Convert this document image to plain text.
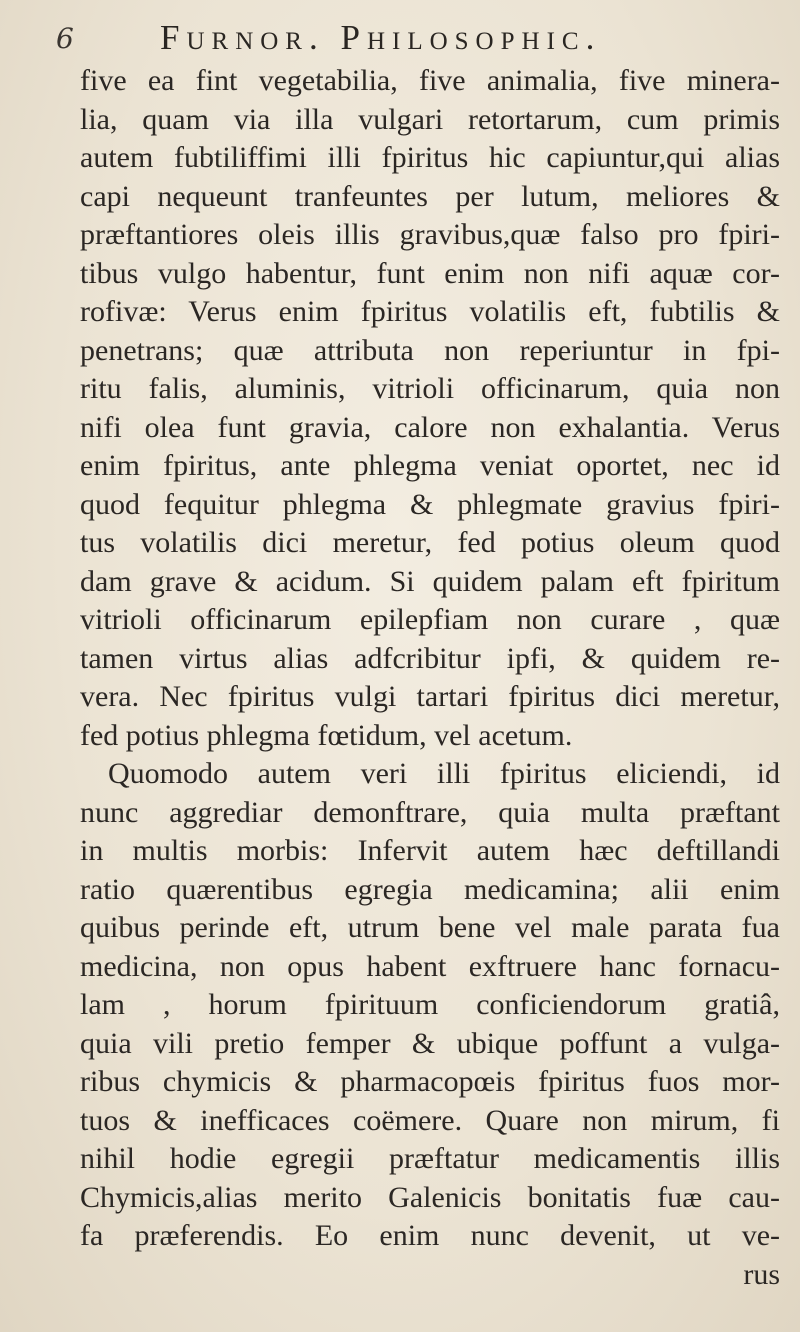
6 Furnor. Philosophic.
five ea fint vegetabilia, five animalia, five minera-
lia, quam via illa vulgari retortarum, cum primis
autem fubtiliffimi illi fpiritus hic capiuntur,qui alias
capi nequeunt tranfeuntes per lutum, meliores &
præftantiores oleis illis gravibus,quæ falso pro fpiri-
tibus vulgo habentur, funt enim non nifi aquæ cor-
rofivæ: Verus enim fpiritus volatilis eft, fubtilis &
penetrans; quæ attributa non reperiuntur in fpi-
ritu falis, aluminis, vitrioli officinarum, quia non
nifi olea funt gravia, calore non exhalantia. Verus
enim fpiritus, ante phlegma veniat oportet, nec id
quod fequitur phlegma & phlegmate gravius fpiri-
tus volatilis dici meretur, fed potius oleum quod
dam grave & acidum. Si quidem palam eft fpiritum
vitrioli officinarum epilepfiam non curare , quæ
tamen virtus alias adfcribitur ipfi, & quidem re-
vera. Nec fpiritus vulgi tartari fpiritus dici meretur,
fed potius phlegma fœtidum, vel acetum.
Quomodo autem veri illi fpiritus eliciendi, id
nunc aggrediar demonftrare, quia multa præftant
in multis morbis: Infervit autem hæc deftillandi
ratio quærentibus egregia medicamina; alii enim
quibus perinde eft, utrum bene vel male parata fua
medicina, non opus habent exftruere hanc fornacu-
lam , horum fpirituum conficiendorum gratiâ,
quia vili pretio femper & ubique poffunt a vulga-
ribus chymicis & pharmacopœis fpiritus fuos mor-
tuos & inefficaces coëmere. Quare non mirum, fi
nihil hodie egregii præftatur medicamentis illis
Chymicis,alias merito Galenicis bonitatis fuæ cau-
fa præferendis. Eo enim nunc devenit, ut ve-
rus
